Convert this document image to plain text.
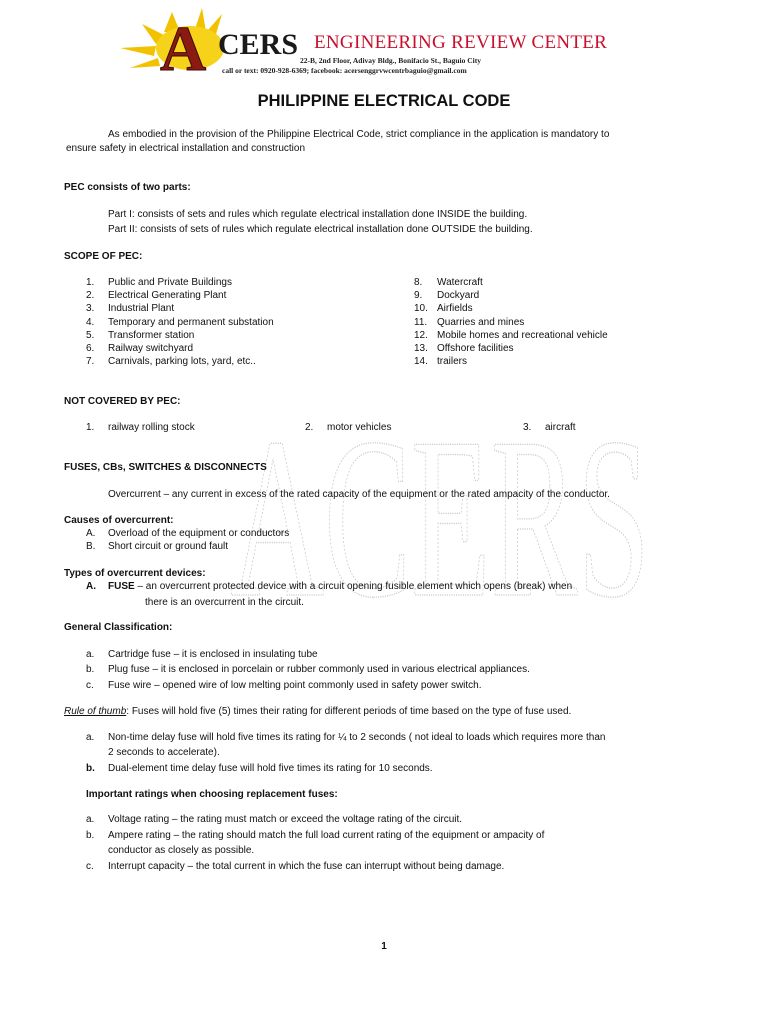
ACERS
A CERS ENGINEERING REVIEW CENTER
22-B, 2nd Floor, Adivay Bldg., Bonifacio St., Baguio City
call or text: 0920-928-6369; facebook: acersenggrvwcentrbaguio@gmail.com
PHILIPPINE ELECTRICAL CODE
As embodied in the provision of the Philippine Electrical Code, strict compliance in the application is mandatory to
ensure safety in electrical installation and construction
PEC consists of two parts:
Part I: consists of sets and rules which regulate electrical installation done INSIDE the building.
Part II: consists of sets of rules which regulate electrical installation done OUTSIDE the building.
SCOPE OF PEC:
1. Public and Private Buildings
2. Electrical Generating Plant
3. Industrial Plant
4. Temporary and permanent substation
5. Transformer station
6. Railway switchyard
7. Carnivals, parking lots, yard, etc..
8. Watercraft
9. Dockyard
10. Airfields
11. Quarries and mines
12. Mobile homes and recreational vehicle
13. Offshore facilities
14. trailers
NOT COVERED BY PEC:
1. railway rolling stock	2. motor vehicles	3. aircraft
FUSES, CBs, SWITCHES & DISCONNECTS
Overcurrent – any current in excess of the rated capacity of the equipment or the rated ampacity of the conductor.
Causes of overcurrent:
A. Overload of the equipment or conductors
B. Short circuit or ground fault
Types of overcurrent devices:
A. FUSE – an overcurrent protected device with a circuit opening fusible element which opens (break) when
there is an overcurrent in the circuit.
General Classification:
a. Cartridge fuse – it is enclosed in insulating tube
b. Plug fuse – it is enclosed in porcelain or rubber commonly used in various electrical appliances.
c. Fuse wire – opened wire of low melting point commonly used in safety power switch.
Rule of thumb: Fuses will hold five (5) times their rating for different periods of time based on the type of fuse used.
a. Non-time delay fuse will hold five times its rating for ¼ to 2 seconds ( not ideal to loads which requires more than
2 seconds to accelerate).
b. Dual-element time delay fuse will hold five times its rating for 10 seconds.
Important ratings when choosing replacement fuses:
a. Voltage rating – the rating must match or exceed the voltage rating of the circuit.
b. Ampere rating – the rating should match the full load current rating of the equipment or ampacity of
conductor as closely as possible.
c. Interrupt capacity – the total current in which the fuse can interrupt without being damage.
1
